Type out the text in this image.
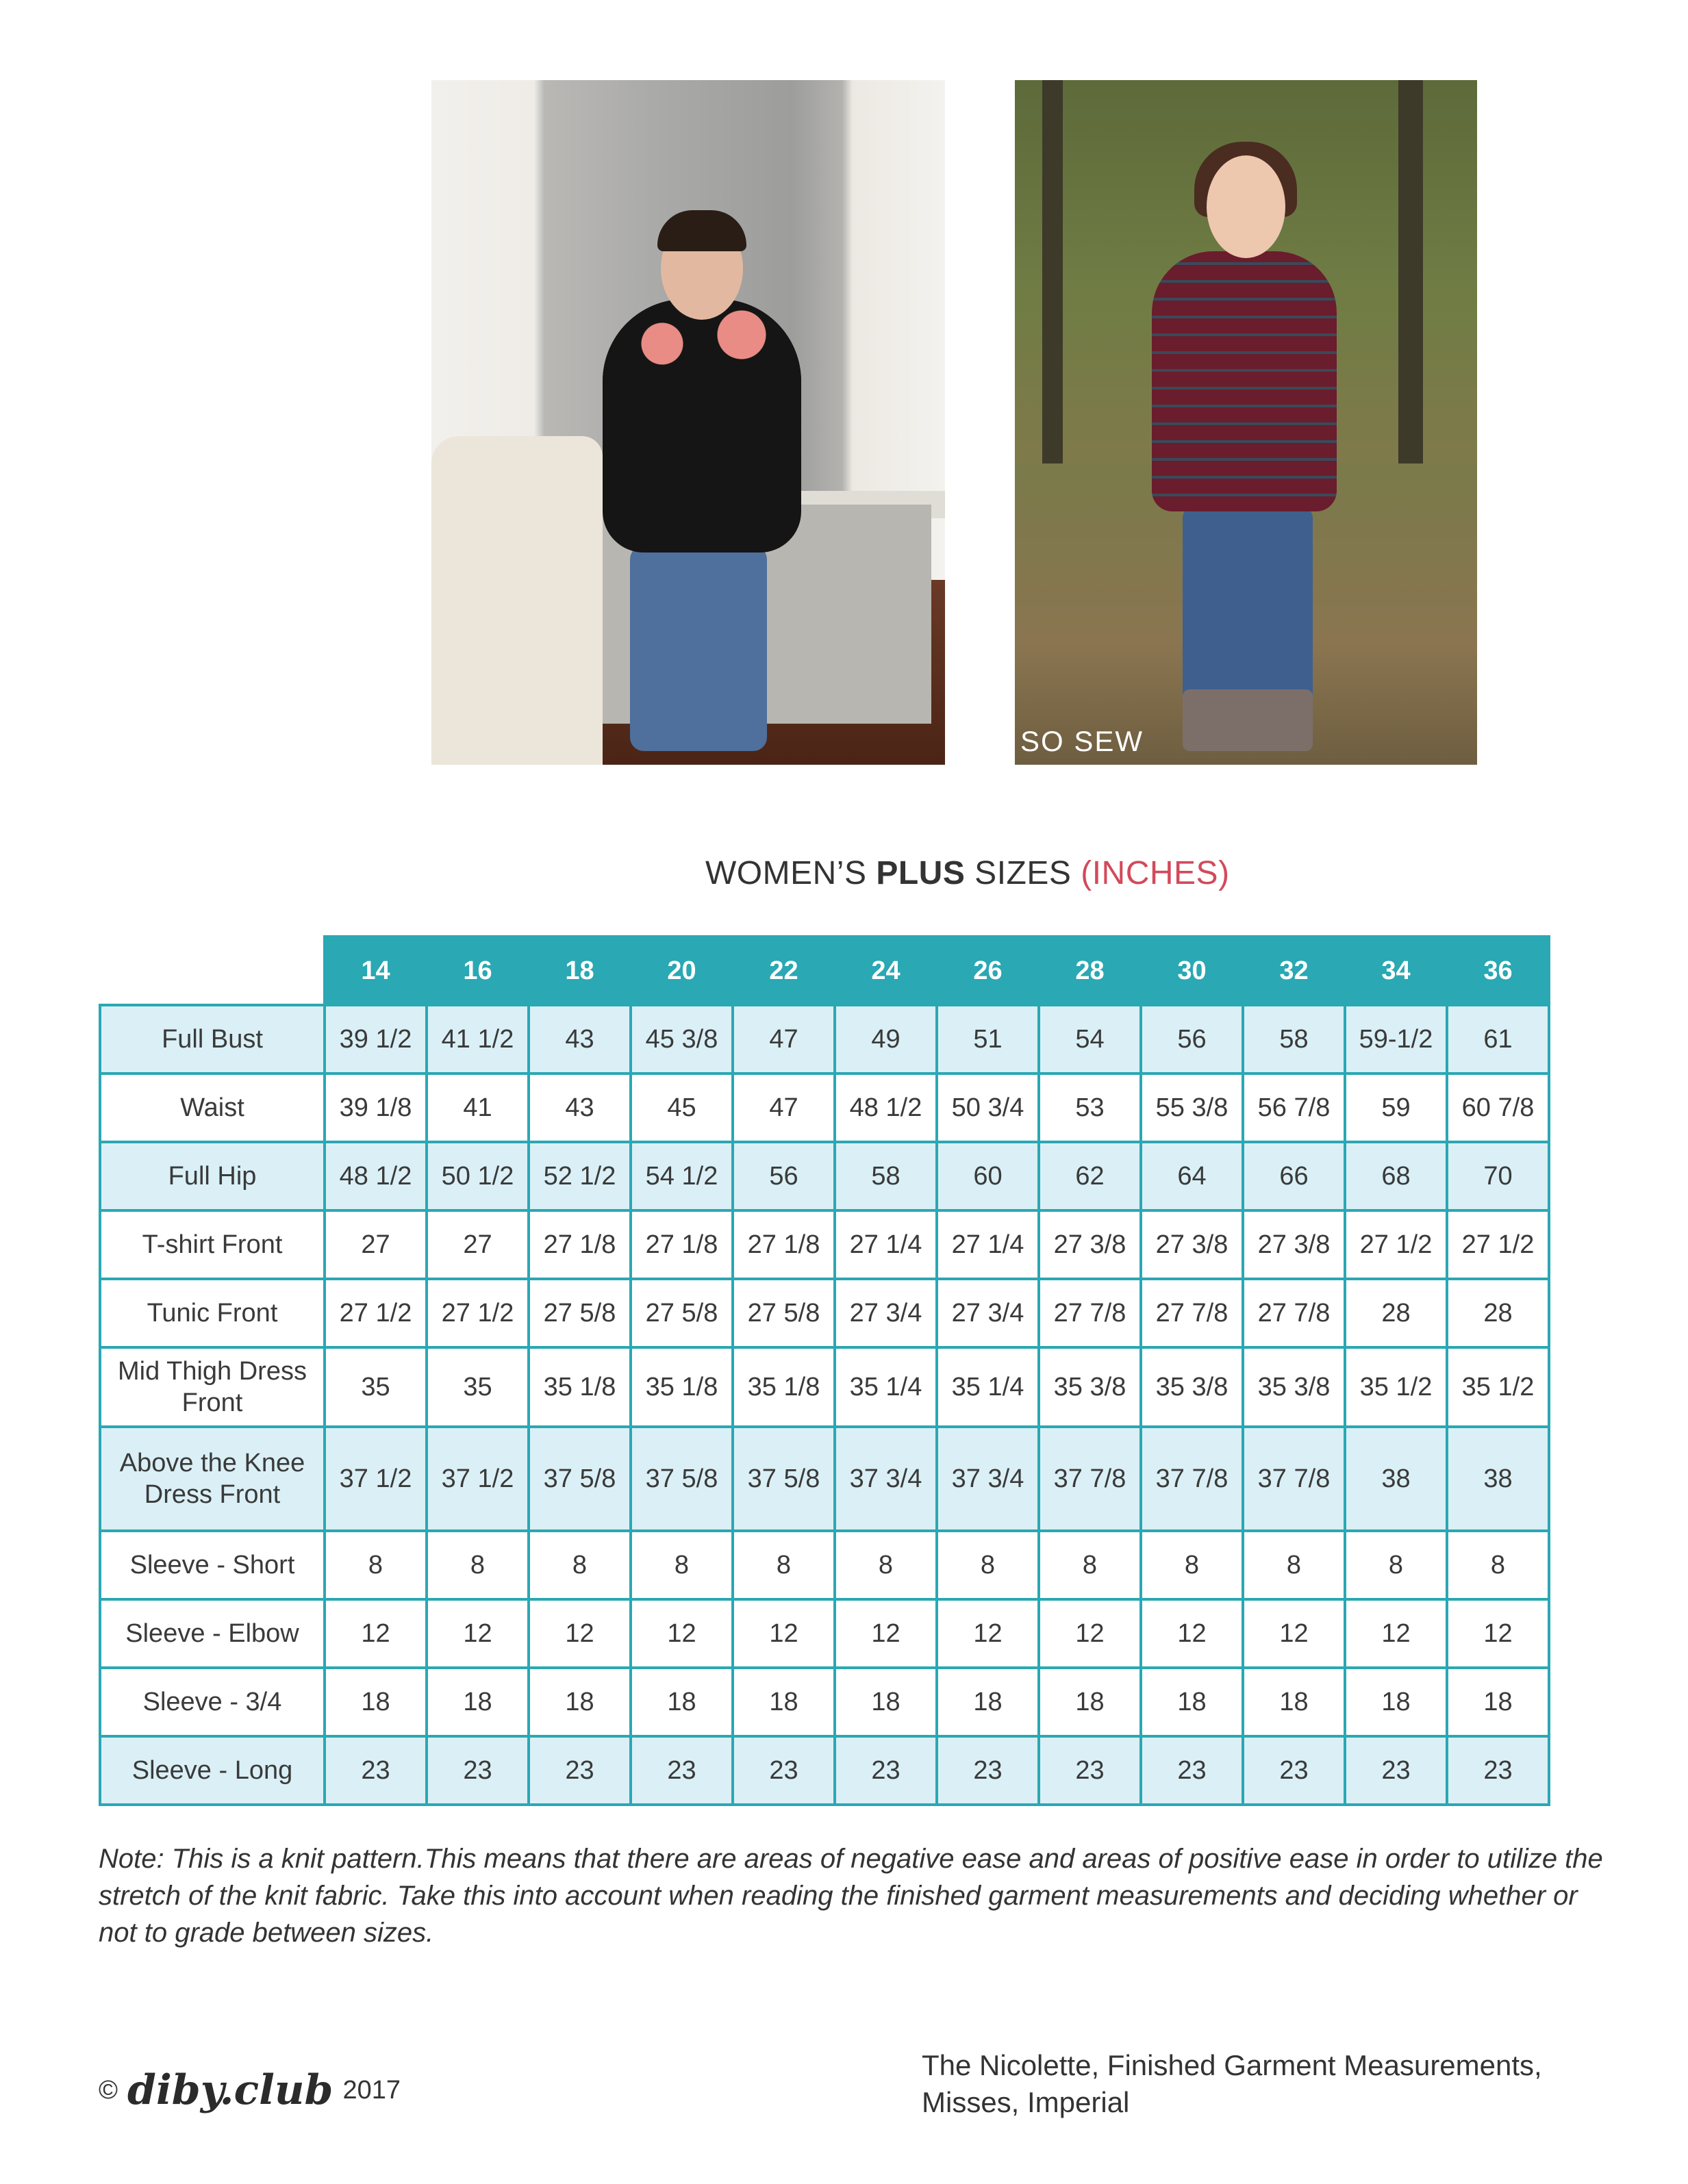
SO SEW
WOMEN’S PLUS SIZES (INCHES)
	14	16	18	20	22	24	26	28	30	32	34	36
Full Bust	39 1/2	41 1/2	43	45 3/8	47	49	51	54	56	58	59-1/2	61
Waist	39 1/8	41	43	45	47	48 1/2	50 3/4	53	55 3/8	56 7/8	59	60 7/8
Full Hip	48 1/2	50 1/2	52 1/2	54 1/2	56	58	60	62	64	66	68	70
T-shirt Front	27	27	27 1/8	27 1/8	27 1/8	27 1/4	27 1/4	27 3/8	27 3/8	27 3/8	27 1/2	27 1/2
Tunic Front	27 1/2	27 1/2	27 5/8	27 5/8	27 5/8	27 3/4	27 3/4	27 7/8	27 7/8	27 7/8	28	28
Mid Thigh Dress
Front	35	35	35 1/8	35 1/8	35 1/8	35 1/4	35 1/4	35 3/8	35 3/8	35 3/8	35 1/2	35 1/2
Above the Knee
Dress Front	37 1/2	37 1/2	37 5/8	37 5/8	37 5/8	37 3/4	37 3/4	37 7/8	37 7/8	37 7/8	38	38
Sleeve - Short	8	8	8	8	8	8	8	8	8	8	8	8
Sleeve - Elbow	12	12	12	12	12	12	12	12	12	12	12	12
Sleeve - 3/4	18	18	18	18	18	18	18	18	18	18	18	18
Sleeve - Long	23	23	23	23	23	23	23	23	23	23	23	23
Note: This is a knit pattern.This means that there are areas of negative ease and areas of positive ease in order to utilize the stretch of the knit fabric. Take this into account when reading the finished garment measurements and deciding whether or not to grade between sizes.
© diby.club 2017
The Nicolette, Finished Garment Measurements,
Misses, Imperial
